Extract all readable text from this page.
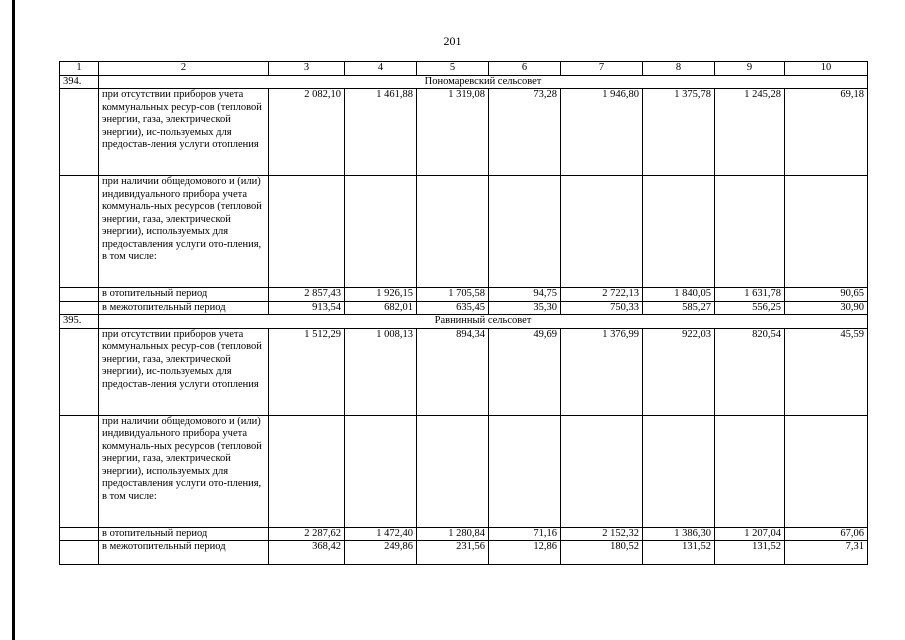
201
1	2	3	4	5	6	7	8	9	10
394.	Пономаревский сельсовет								
	при отсутствии приборов учета коммунальных ресур-сов (тепловой энергии, газа, электрической энергии), ис-пользуемых для предостав-ления услуги отопления	2 082,10	1 461,88	1 319,08	73,28	1 946,80	1 375,78	1 245,28	69,18
	при наличии общедомового и (или) индивидуального прибора учета коммуналь-ных ресурсов (тепловой энергии, газа, электрической энергии), используемых для предоставления услуги ото-пления, в том числе:								
	в отопительный период	2 857,43	1 926,15	1 705,58	94,75	2 722,13	1 840,05	1 631,78	90,65
	в межотопительный период	913,54	682,01	635,45	35,30	750,33	585,27	556,25	30,90
395.	Равнинный сельсовет								
	при отсутствии приборов учета коммунальных ресур-сов (тепловой энергии, газа, электрической энергии), ис-пользуемых для предостав-ления услуги отопления	1 512,29	1 008,13	894,34	49,69	1 376,99	922,03	820,54	45,59
	при наличии общедомового и (или) индивидуального прибора учета коммуналь-ных ресурсов (тепловой энергии, газа, электрической энергии), используемых для предоставления услуги ото-пления, в том числе:								
	в отопительный период	2 287,62	1 472,40	1 280,84	71,16	2 152,32	1 386,30	1 207,04	67,06
	в межотопительный период	368,42	249,86	231,56	12,86	180,52	131,52	131,52	7,31
